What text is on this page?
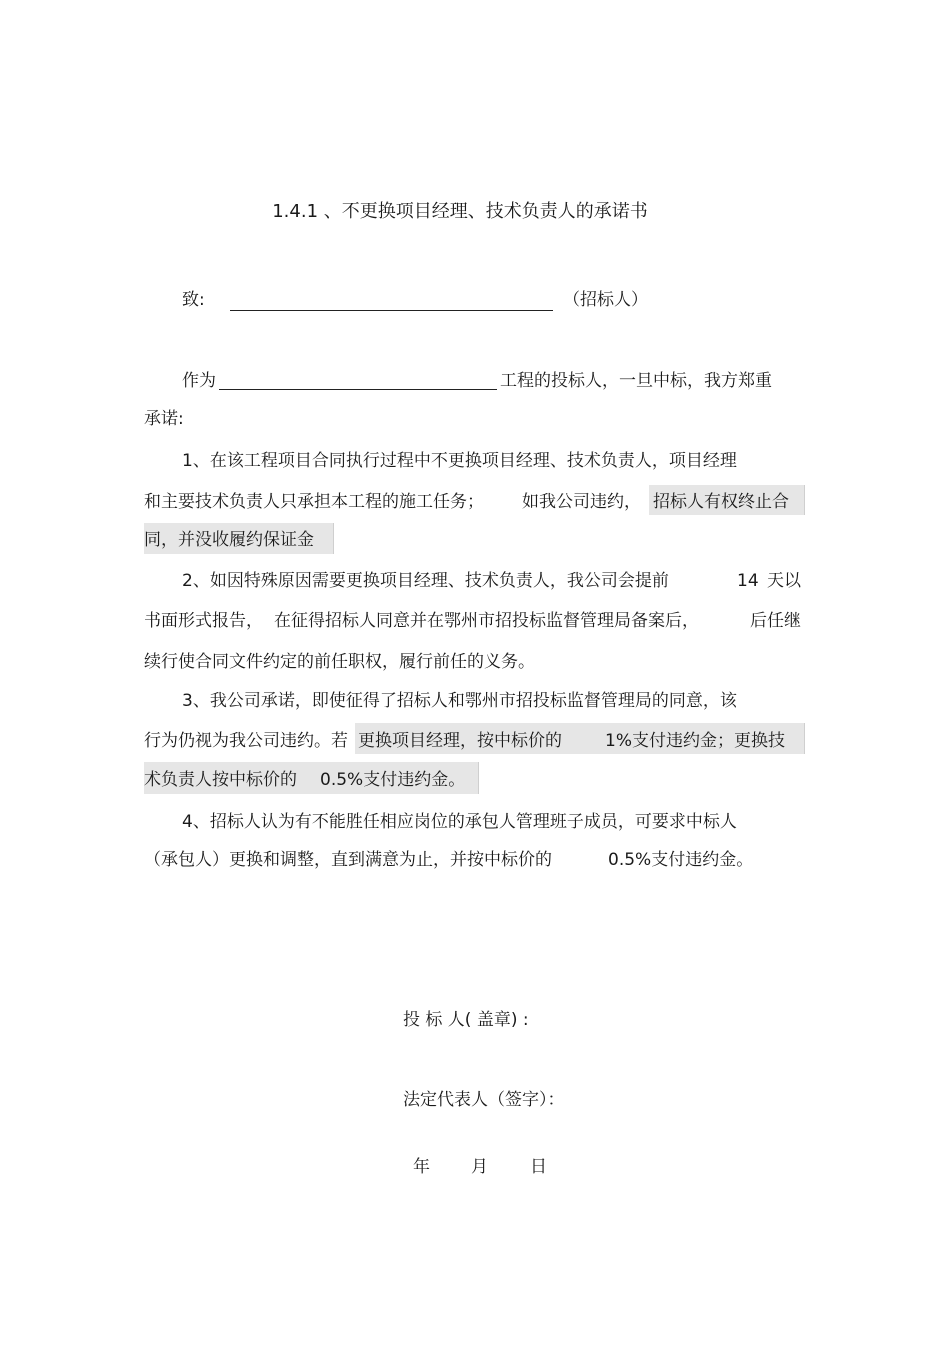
1.4.1 、不更换项目经理、技术负责人的承诺书
致:	（招标人）
作为	工程的投标人，一旦中标，我方郑重
承诺:
1、在该工程项目合同执行过程中不更换项目经理、技术负责人，项目经理
和主要技术负责人只承担本工程的施工任务； 如我公司违约， 招标人有权终止合
同，并没收履约保证金
2、如因特殊原因需要更换项目经理、技术负责人，我公司会提前	14 天以
书面形式报告， 在征得招标人同意并在鄂州市招投标监督管理局备案后，	后任继
续行使合同文件约定的前任职权，履行前任的义务。
3、我公司承诺，即使征得了招标人和鄂州市招投标监督管理局的同意，该
行为仍视为我公司违约。若 更换项目经理，按中标价的	1%支付违约金；更换技
术负责人按中标价的 0.5%支付违约金。
4、招标人认为有不能胜任相应岗位的承包人管理班子成员，可要求中标人
（承包人）更换和调整，直到满意为止，并按中标价的	0.5%支付违约金。
投 标 人( 盖章) :
法定代表人（签字）：
年 月 日
